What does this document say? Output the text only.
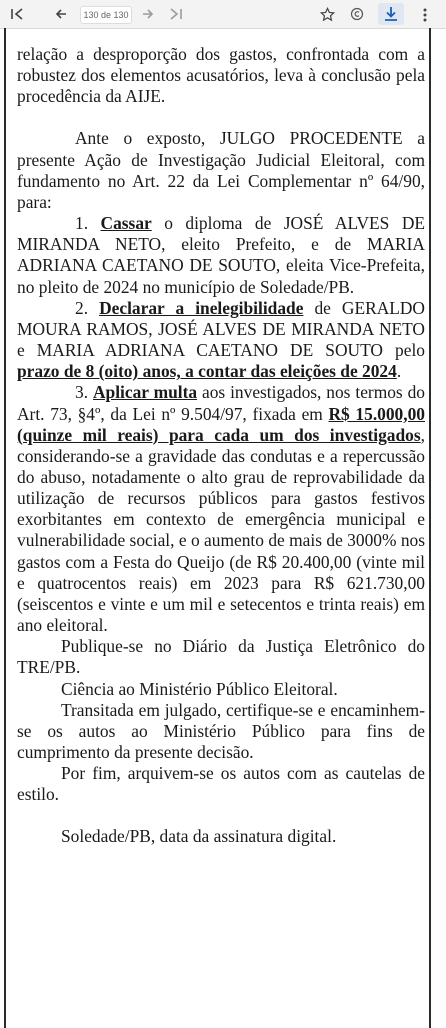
130 de 130

relação a desproporção dos gastos, confrontada com a robustez dos elementos acusatórios, leva à conclusão pela procedência da AIJE.

Ante o exposto, JULGO PROCEDENTE a presente Ação de Investigação Judicial Eleitoral, com fundamento no Art. 22 da Lei Complementar nº 64/90, para:

1. Cassar o diploma de JOSÉ ALVES DE MIRANDA NETO, eleito Prefeito, e de MARIA ADRIANA CAETANO DE SOUTO, eleita Vice-Prefeita, no pleito de 2024 no município de Soledade/PB.

2. Declarar a inelegibilidade de GERALDO MOURA RAMOS, JOSÉ ALVES DE MIRANDA NETO e MARIA ADRIANA CAETANO DE SOUTO pelo prazo de 8 (oito) anos, a contar das eleições de 2024.

3. Aplicar multa aos investigados, nos termos do Art. 73, §4º, da Lei nº 9.504/97, fixada em R$ 15.000,00 (quinze mil reais) para cada um dos investigados, considerando-se a gravidade das condutas e a repercussão do abuso, notadamente o alto grau de reprovabilidade da utilização de recursos públicos para gastos festivos exorbitantes em contexto de emergência municipal e vulnerabilidade social, e o aumento de mais de 3000% nos gastos com a Festa do Queijo (de R$ 20.400,00 (vinte mil e quatrocentos reais) em 2023 para R$ 621.730,00 (seiscentos e vinte e um mil e setecentos e trinta reais) em ano eleitoral.

Publique-se no Diário da Justiça Eletrônico do TRE/PB.

Ciência ao Ministério Público Eleitoral.

Transitada em julgado, certifique-se e encaminhem-se os autos ao Ministério Público para fins de cumprimento da presente decisão.

Por fim, arquivem-se os autos com as cautelas de estilo.

Soledade/PB, data da assinatura digital.
